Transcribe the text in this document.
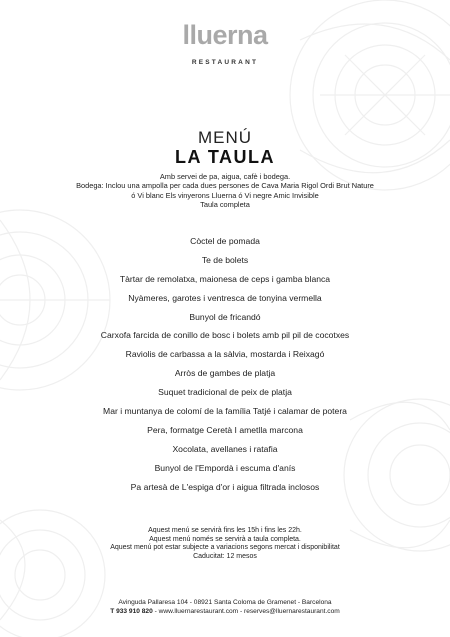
lluerna
RESTAURANT
MENÚ
LA TAULA
Amb servei de pa, aigua, cafè i bodega.
Bodega: Inclou una ampolla per cada dues persones de Cava Maria Rigol Ordi Brut Nature
ó Vi blanc Els vinyerons Lluerna ó Vi negre Amic Invisible
Taula completa
Còctel de pomada
Te de bolets
Tàrtar de remolatxa, maionesa de ceps i gamba blanca
Nyàmeres, garotes i ventresca de tonyina vermella
Bunyol de fricandó
Carxofa farcida de conillo de bosc i bolets amb pil pil de cocotxes
Raviolis de carbassa a la sàlvia, mostarda i Reixagó
Arròs de gambes de platja
Suquet tradicional de peix de platja
Mar i muntanya de colomí de la família Tatjé i calamar de potera
Pera, formatge Ceretà I ametlla marcona
Xocolata, avellanes i ratafia
Bunyol de l'Empordà i escuma d'anís
Pa artesà de L'espiga d'or i aigua filtrada inclosos
Aquest menú se servirà fins les 15h i fins les 22h.
Aquest menú només se servirà a taula completa.
Aquest menú pot estar subjecte a variacions segons mercat i disponibilitat
Caducitat: 12 mesos
Avinguda Pallaresa 104 - 08921 Santa Coloma de Gramenet - Barcelona
T 933 910 820 - www.lluernarestaurant.com - reserves@lluernarestaurant.com
